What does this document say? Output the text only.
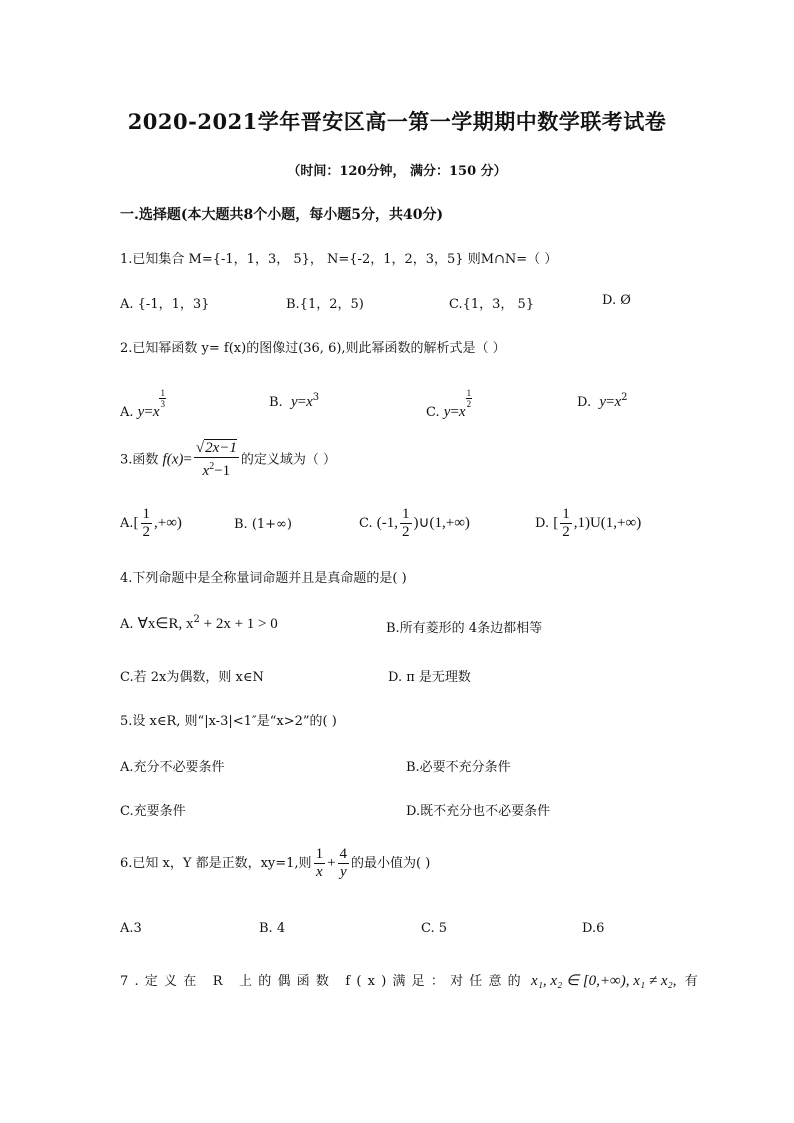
2020-2021学年晋安区高一第一学期期中数学联考试卷
（时间：120分钟， 满分：150 分）
一.选择题(本大题共8个小题，每小题5分，共40分)
1.已知集合 M={-1，1，3， 5}， N={-2，1，2，3，5} 则M∩N=（ ）
A. {-1，1，3}	B.{1，2，5)	C.{1，3， 5}	D. Ø
2.已知幂函数 y= f(x)的图像过(36, 6),则此幂函数的解析式是（ ）
A. y=x
$\frac{1}{3}$	B. $y=x^3$
C. y=x
$\frac{1}{2}$	D. $y=x^2$
3.函数 $f(x)= \frac{√2x-1}{x^2-1}$ 的定义域为（ ）
$A.[ \frac{1}{2}$ ,+∞)	B. (1+∞)	C. (-1, $\frac{1}{2}$ )∪(1,+∞)	D. [ $\frac{1}{2} ,1)U(1,+\infty)$
4.下列命题中是全称量词命题并且是真命题的是( )
A. ∀x∈R, $x^2 + 2x + 1 > 0$	B.所有菱形的 4条边都相等
C.若 2x为偶数，则 x∈N	D. π 是无理数
5.设 x∈R, 则“|x-3|<1″是“x>2”的( )
A.充分不必要条件	B.必要不充分条件
C.充要条件	D.既不充分也不必要条件
6.已知 x，Y 都是正数，xy=1,则 $\frac{1}{x} + \frac{4}{y}$ 的最小值为( )
A.3	B. 4	C. 5	D.6
7.定义在 R 上的偶函数 f(x)满足：对任意的 x₁, x₂ ∈ [0,+∞), x₁ ≠ x₂, 有
